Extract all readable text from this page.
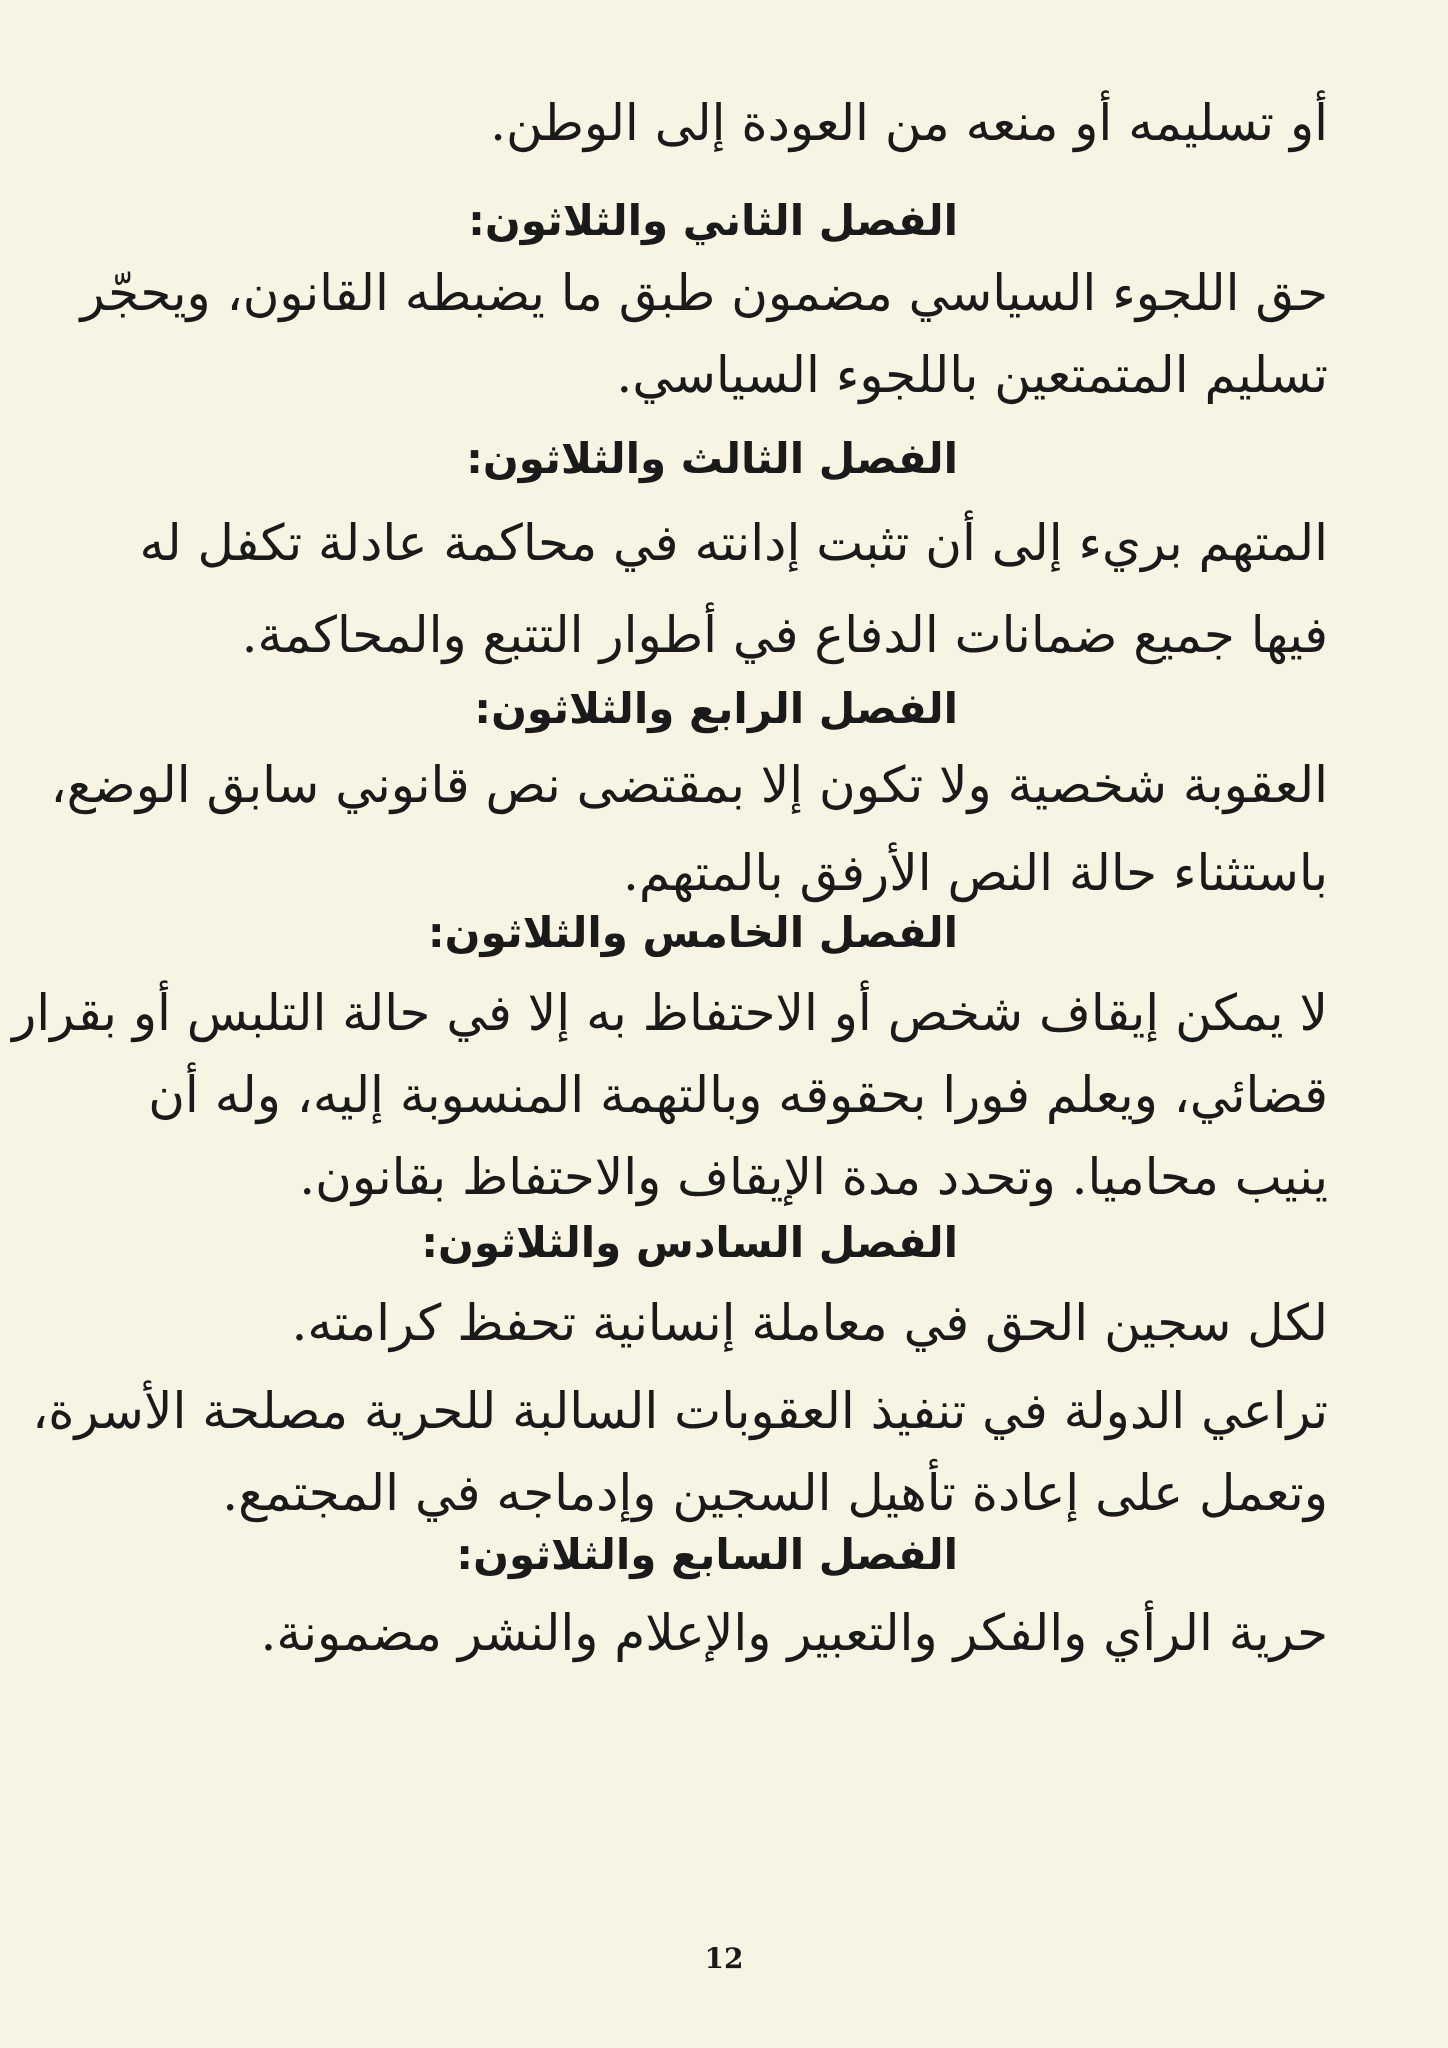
أو تسليمه أو منعه من العودة إلى الوطن.
الفصل الثاني والثلاثون:
حق اللجوء السياسي مضمون طبق ما يضبطه القانون، ويحجّر
تسليم المتمتعين باللجوء السياسي.
الفصل الثالث والثلاثون:
المتهم بريء إلى أن تثبت إدانته في محاكمة عادلة تكفل له
فيها جميع ضمانات الدفاع في أطوار التتبع والمحاكمة.
الفصل الرابع والثلاثون:
العقوبة شخصية ولا تكون إلا بمقتضى نص قانوني سابق الوضع،
باستثناء حالة النص الأرفق بالمتهم.
الفصل الخامس والثلاثون:
لا يمكن إيقاف شخص أو الاحتفاظ به إلا في حالة التلبس أو بقرار
قضائي، ويعلم فورا بحقوقه وبالتهمة المنسوبة إليه، وله أن
ينيب محاميا. وتحدد مدة الإيقاف والاحتفاظ بقانون.
الفصل السادس والثلاثون:
لكل سجين الحق في معاملة إنسانية تحفظ كرامته.
تراعي الدولة في تنفيذ العقوبات السالبة للحرية مصلحة الأسرة،
وتعمل على إعادة تأهيل السجين وإدماجه في المجتمع.
الفصل السابع والثلاثون:
حرية الرأي والفكر والتعبير والإعلام والنشر مضمونة.
12
